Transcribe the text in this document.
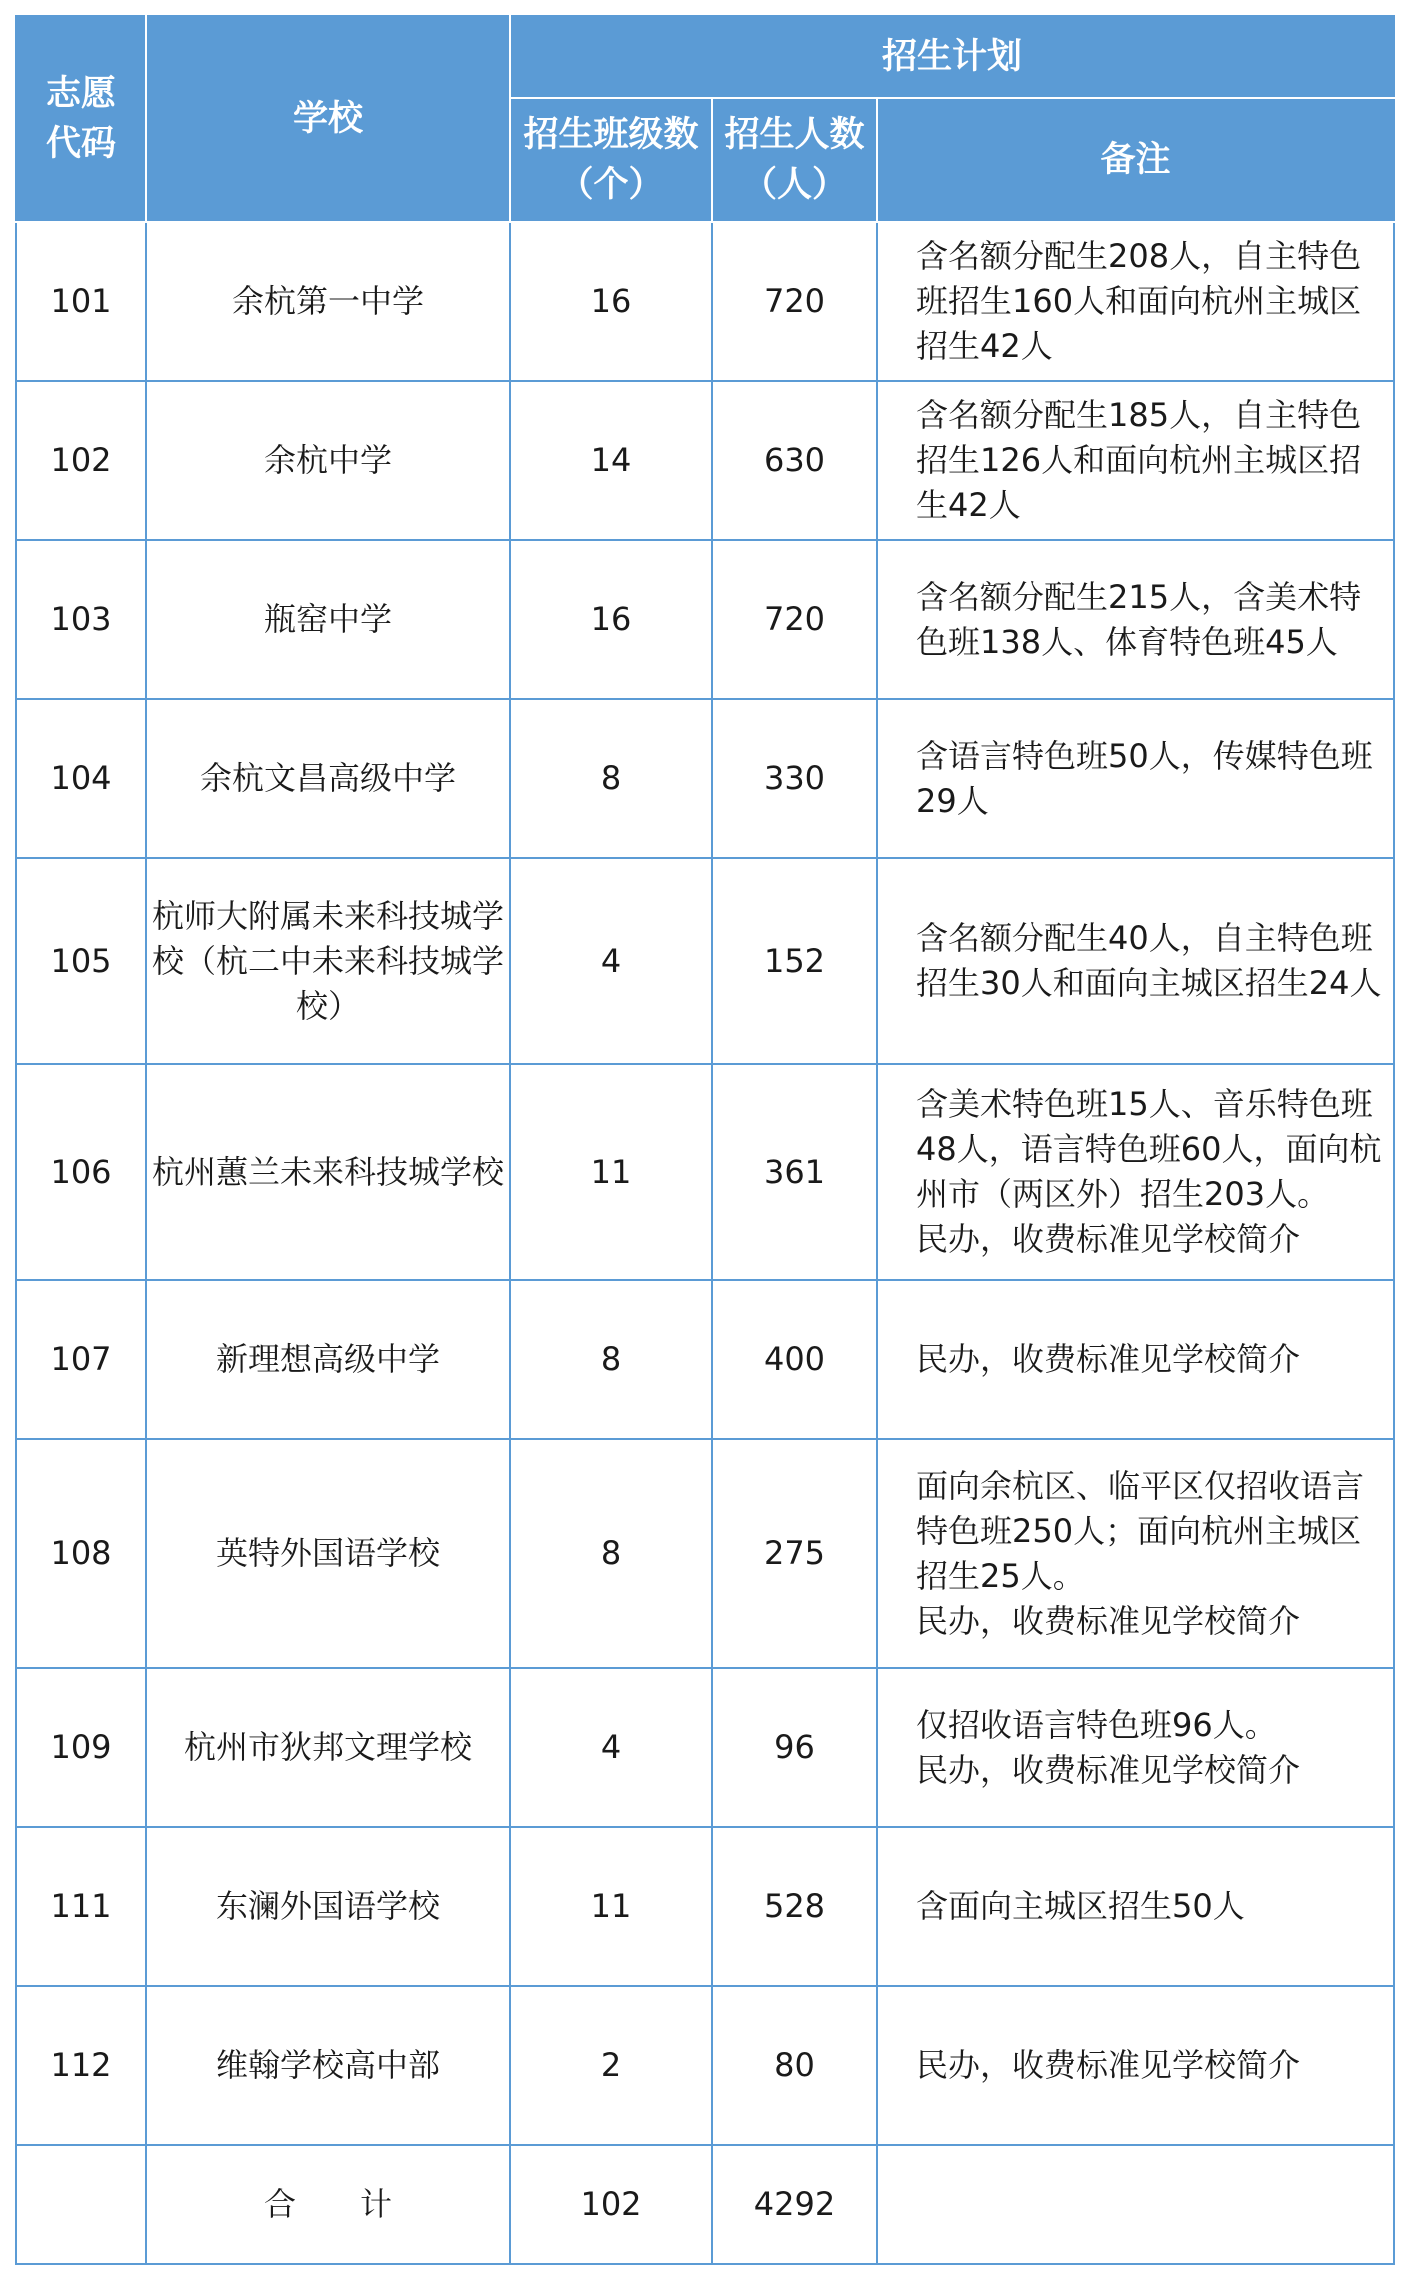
志愿代码	学校	招生计划		
		招生班级数（个）	招生人数（人）	备注
101	余杭第一中学	16	720	含名额分配生208人，自主特色班招生160人和面向杭州主城区招生42人
102	余杭中学	14	630	含名额分配生185人，自主特色招生126人和面向杭州主城区招生42人
103	瓶窑中学	16	720	含名额分配生215人，含美术特色班138人、体育特色班45人
104	余杭文昌高级中学	8	330	含语言特色班50人，传媒特色班29人
105	杭师大附属未来科技城学校（杭二中未来科技城学校）	4	152	含名额分配生40人，自主特色班招生30人和面向主城区招生24人
106	杭州蕙兰未来科技城学校	11	361	含美术特色班15人、音乐特色班48人，语言特色班60人，面向杭州市（两区外）招生203人。
民办，收费标准见学校简介
107	新理想高级中学	8	400	民办，收费标准见学校简介
108	英特外国语学校	8	275	面向余杭区、临平区仅招收语言特色班250人；面向杭州主城区招生25人。
民办，收费标准见学校简介
109	杭州市狄邦文理学校	4	96	仅招收语言特色班96人。
民办，收费标准见学校简介
111	东澜外国语学校	11	528	含面向主城区招生50人
112	维翰学校高中部	2	80	民办，收费标准见学校简介
	合　　计	102	4292	
